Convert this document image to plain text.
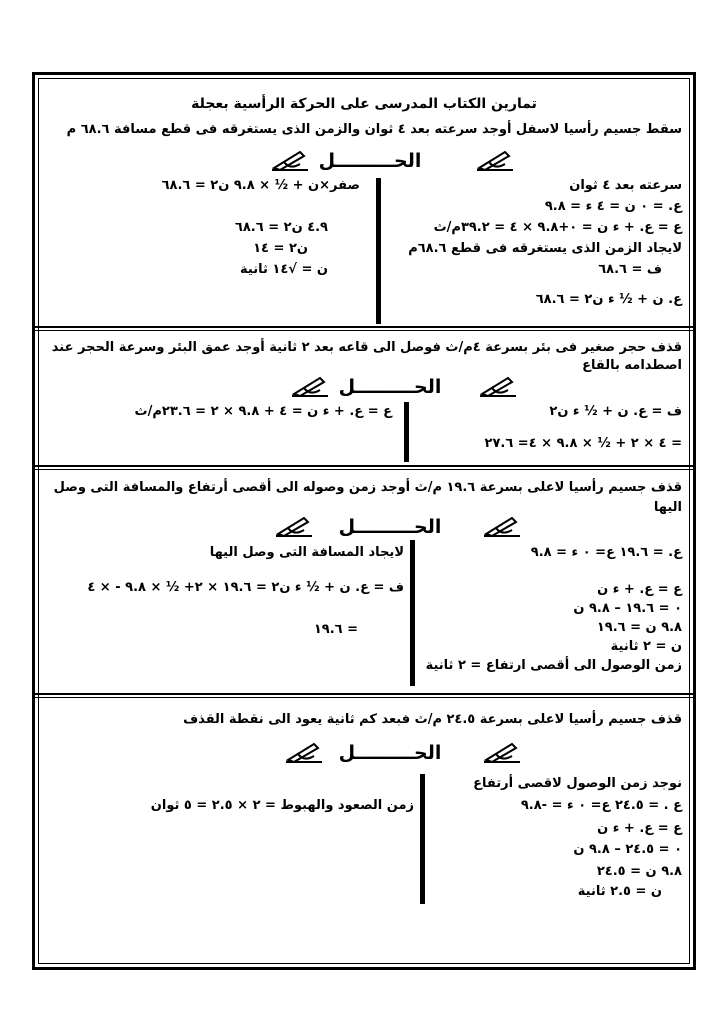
تمارين الكتاب المدرسى على الحركة الرأسية بعجلة
سقط جسيم رأسيا لاسفل أوجد سرعته بعد ٤ ثوان والزمن الذى يستغرقه فى قطع مسافة ٦٨.٦ م
الحـــــــــل
سرعته بعد ٤ ثوان
ع. = ٠ ن = ٤ ء = ٩.٨
ع = ع. + ء ن = ٠+٩.٨ × ٤ = ٣٩.٢م/ث
لايجاد الزمن الذى يستغرقه فى قطع ٦٨.٦م
ف = ٦٨.٦
ع. ن + ½ ء ن٢ = ٦٨.٦
صفر×ن + ½ × ٩.٨ ن٢ = ٦٨.٦
٤.٩ ن٢ = ٦٨.٦
ن٢ = ١٤
ن = √١٤ ثانية
قذف حجر صغير فى بئر بسرعة ٤م/ث فوصل الى قاعه بعد ٢ ثانية أوجد عمق البئر وسرعة الحجر عند
اصطدامه بالقاع
الحـــــــــل
ف = ع. ن + ½ ء ن٢
= ٤ × ٢ + ½ × ٩.٨ × ٤= ٢٧.٦
ع = ع. + ء ن = ٤ + ٩.٨ × ٢ = ٢٣.٦م/ث
قذف جسيم رأسيا لاعلى بسرعة ١٩.٦ م/ث أوجد زمن وصوله الى أقصى أرتفاع والمسافة التى وصل
اليها
الحـــــــــل
ع. = ١٩.٦ ع= ٠ ء = ٩.٨
ع = ع. + ء ن
٠ = ١٩.٦ – ٩.٨ ن
٩.٨ ن = ١٩.٦
ن = ٢ ثانية
زمن الوصول الى أقصى ارتفاع = ٢ ثانية
لايجاد المسافة التى وصل اليها
ف = ع. ن + ½ ء ن٢ = ١٩.٦ × ٢+ ½ × ٩.٨ - × ٤
= ١٩.٦
قذف جسيم رأسيا لاعلى بسرعة ٢٤.٥ م/ث فبعد كم ثانية يعود الى نقطة القذف
الحـــــــــل
نوجد زمن الوصول لاقصى أرتفاع
ع . = ٢٤.٥ ع= ٠ ء = -٩.٨
ع = ع. + ء ن
٠ = ٢٤.٥ – ٩.٨ ن
٩.٨ ن = ٢٤.٥
ن = ٢.٥ ثانية
زمن الصعود والهبوط = ٢ × ٢.٥ = ٥ ثوان
